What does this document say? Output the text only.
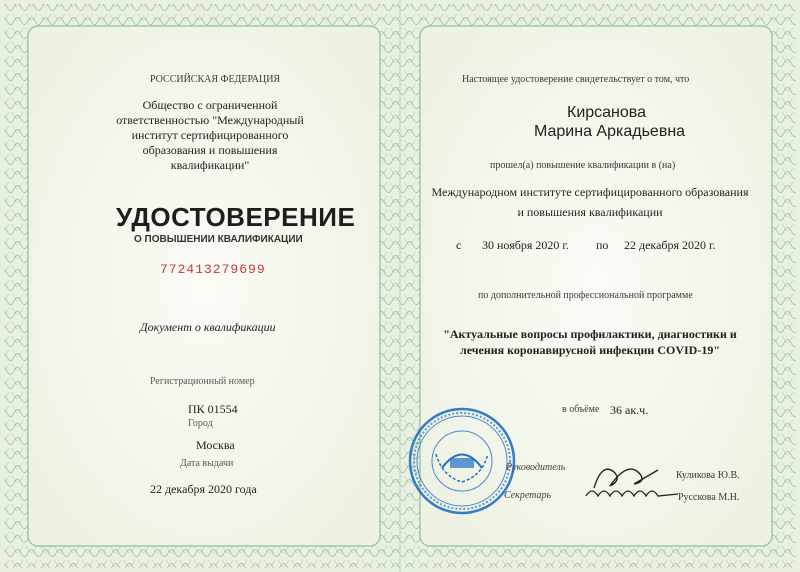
РОССИЙСКАЯ ФЕДЕРАЦИЯ
Общество с ограниченной
ответственностью "Международный
институт сертифицированного
образования и повышения
квалификации"
УДОСТОВЕРЕНИЕ
О ПОВЫШЕНИИ КВАЛИФИКАЦИИ
772413279699
Документ о квалификации
Регистрационный номер
ПК 01554
Город
Москва
Дата выдачи
22 декабря 2020 года
Настоящее удостоверение свидетельствует о том, что
Кирсанова
Марина Аркадьевна
прошел(а) повышение квалификации в (на)
Международном институте сертифицированного образования
и повышения квалификации
с 30 ноября 2020 г. по 22 декабря 2020 г.
по дополнительной профессиональной программе
"Актуальные вопросы профилактики, диагностики и
лечения коронавирусной инфекции COVID-19"
в объёме 36 ак.ч.
Руководитель
Секретарь
Куликова Ю.В.
Русскова М.Н.
